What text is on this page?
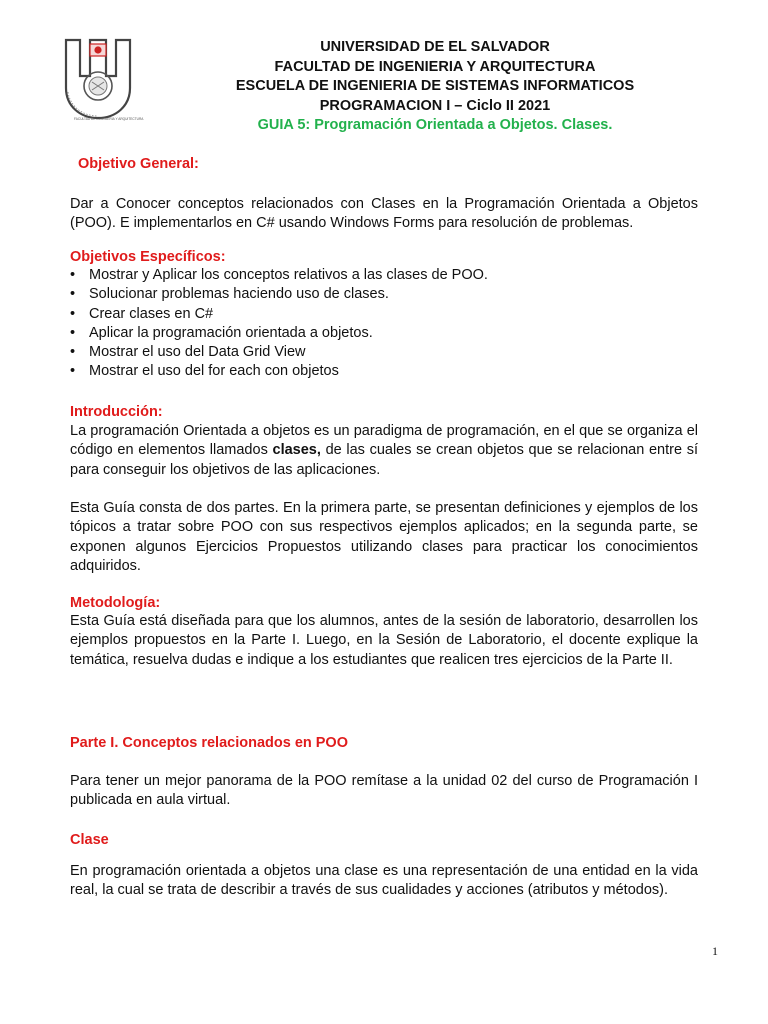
FACULTAD DE INGENIERIA Y ARQUITECTURA
UNIVERSIDAD DE EL SALVADOR
FACULTAD DE INGENIERIA Y ARQUITECTURA
ESCUELA DE INGENIERIA DE SISTEMAS INFORMATICOS
PROGRAMACION I – Ciclo II 2021
GUIA 5: Programación Orientada a Objetos. Clases.
Objetivo General:
Dar a Conocer conceptos relacionados con Clases en la Programación Orientada a Objetos (POO). E implementarlos en C# usando Windows Forms para resolución de problemas.
Objetivos Específicos:
• Mostrar y Aplicar los conceptos relativos a las clases de POO.
• Solucionar problemas haciendo uso de clases.
• Crear clases en C#
• Aplicar la programación orientada a objetos.
• Mostrar el uso del Data Grid View
• Mostrar el uso del for each con objetos
Introducción:
La programación Orientada a objetos es un paradigma de programación, en el que se organiza el código en elementos llamados clases, de las cuales se crean objetos que se relacionan entre sí para conseguir los objetivos de las aplicaciones.
Esta Guía consta de dos partes. En la primera parte, se presentan definiciones y ejemplos de los tópicos a tratar sobre POO con sus respectivos ejemplos aplicados; en la segunda parte, se exponen algunos Ejercicios Propuestos utilizando clases para practicar los conocimientos adquiridos.
Metodología:
Esta Guía está diseñada para que los alumnos, antes de la sesión de laboratorio, desarrollen los ejemplos propuestos en la Parte I. Luego, en la Sesión de Laboratorio, el docente explique la temática, resuelva dudas e indique a los estudiantes que realicen tres ejercicios de la Parte II.
Parte I. Conceptos relacionados en POO
Para tener un mejor panorama de la POO remítase a la unidad 02 del curso de Programación I publicada en aula virtual.
Clase
En programación orientada a objetos una clase es una representación de una entidad en la vida real, la cual se trata de describir a través de sus cualidades y acciones (atributos y métodos).
1
